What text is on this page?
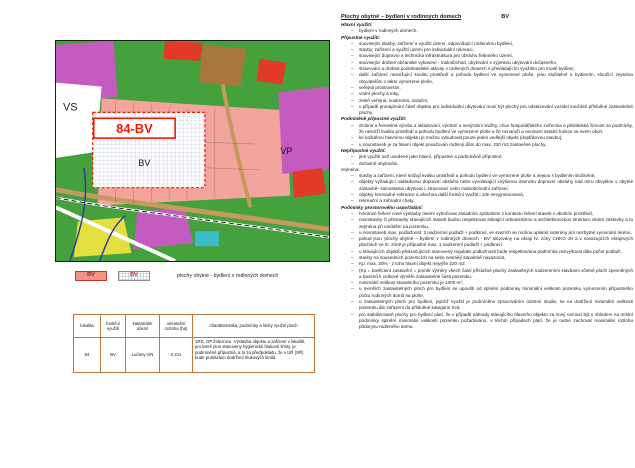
84-BV
VS
BV
VP
BV	BV	plochy obytné - bydlení v rodinných domech
lokalita	funkční využití	katastrální území	orientační rozloha (ha)	charakteristika, podmínky a limity využití ploch
84	BV	Lučany n/N	0,211	1RD, OP železnice. Výstavba objektu a zařízení v lokalitě, pro které jsou stanoveny hygienické hlukové limity, je podmíněně přípustná, a to za předpokladu, že v ÚŘ (SŘ) bude prokázáno dodržení hlukových limitů.
Plochy obytné – bydlení v rodinných domech	BV
Hlavní využití:
–	bydlení v rodinných domech.
Přípustné využití:
–	související stavby, zařízení a využití území, odpovídající rodinnému bydlení,
–	stavby, zařízení a využití území pro individuální rekreaci,
–	související dopravní a technická infrastruktura pro obsluhu řešeného území,
–	související drobné občanské vybavení - maloobchod, ubytování s výjimkou ubytování dočasného,
–	stravování a drobné podnikatelské aktivity v rodinných domech s převládajícím využitím pro trvalé bydlení,
–	další zařízení nesnižující kvalitu prostředí a pohodu bydlení ve vymezené ploše, jsou slučitelné s bydlením, sloužící zejména obyvatelům v takto vymezené ploše,
–	veřejná prostranství,
–	vodní plochy a toky,
–	zeleň veřejná, soukromá, izolační,
–	v případě pronajímání částí objektu pro individuální ubytování musí být plochy pro odstavování vozidel součástí příslušné zastavitelné plochy.
Podmíněně přípustné využití:
–	drobná a řemeslná výroba a skladování, výrobní a nevýrobní služby, chov hospodářského zvířectva a pěstitelská činnost za podmínky, že nesníží kvalitu prostředí a pohodu bydlení ve vymezené ploše a že nenaruší a neomezí ostatní funkce ve svém okolí,
–	ke každému hlavnímu objektu je možno vybudovat pouze jeden vedlejší objekt (doplňkovou stavbu),
–	u novostaveb je za hlavní objekt považován rodinný dům do max. 220 m2 zastavěné plochy.
Nepřípustné využití:
–	jiné využití než uvedené jako hlavní, přípustné a podmíněně přípustné.
–	dočasné ubytování.
zejména:
–	stavby a zařízení, které snižují kvalitu prostředí a pohodu bydlení ve vymezené ploše a nejsou s bydlením slučitelné,
–	objekty vyžadující nákladovou dopravní obsluhu nebo vyvolávající zvýšenou intenzitu dopravní obsluhy nad míru obvyklou v obytné zástavbě- samostatná ubytovací, stravovací nebo maloobchodní zařízení,
–	objekty hromadné rekreace a všechna další funkční využití i zde nevyjmenovaná,
–	rekreační a zahradní chaty.
Podmínky prostorového uspořádání:
–	hmotové řešení nové výstavby nesmí vybočovat zásadním způsobem z kontextu řešení staveb v okolním prostředí,
–	novostavby či přestavby stávajících staveb budou respektovat stávající urbanistickou a architektonickou strukturu okolní zástavby a to zejména při umístění na pozemku,
–	u novostaveb max. podlažnost: 2 nadzemní podlaží + podkroví, ve svazích se mohou uplatnit suterény pro nezbytné vyrovnání terénu,
–	pokud jsou 'plochy obytné – bydlení v rodinných domech - BV' situovány na okraji IV. zóny CHKO JH a v navazujících okrajových plochách ve III. zóně je přípustné max. 1 nadzemní podlaží + podkroví,
–	u stávajících objektů překračujících stanovený regulativ podlažnosti bude respektována podmínka nezvyšovat dále počet podlaží,
–	stavby na sousedních pozemcích na sebe nesmějí stavebně navazovat,
–	Kp: max. 20% - z toho hlavní objekt nejvýše 220 m2.
–	(Kp = koeficient zastavění = poměr výměry všech částí příslušné plochy zastavěných nadzemními stavbami včetně ploch zpevněných a bazénů k celkové výměře zastavitelné části pozemku.
–	minimální velikost stavebního pozemku je 1000 m²,
–	u menších zastavitelných ploch pro bydlení se upouští od splnění podmínky minimální velikosti pozemku vymezením přípustného počtu rodinných domů na ploše,
–	u zastavitelných ploch pro bydlení, jejichž využití je podmíněno zpracováním územní studie, se na dodržení minimální velikosti pozemku dle zařazení do příslušné kategorie trvá,
–	pro stabilizované plochy pro bydlení platí, že v případě náhrady stávajícího hlavního objektu za nový nemusí být s ohledem na místní podmínky splnění minimální velikosti pozemku požadováno, v těchto případech platí, že je nutné zachovat maximální rozlohu půdorysu rodinného domu.
